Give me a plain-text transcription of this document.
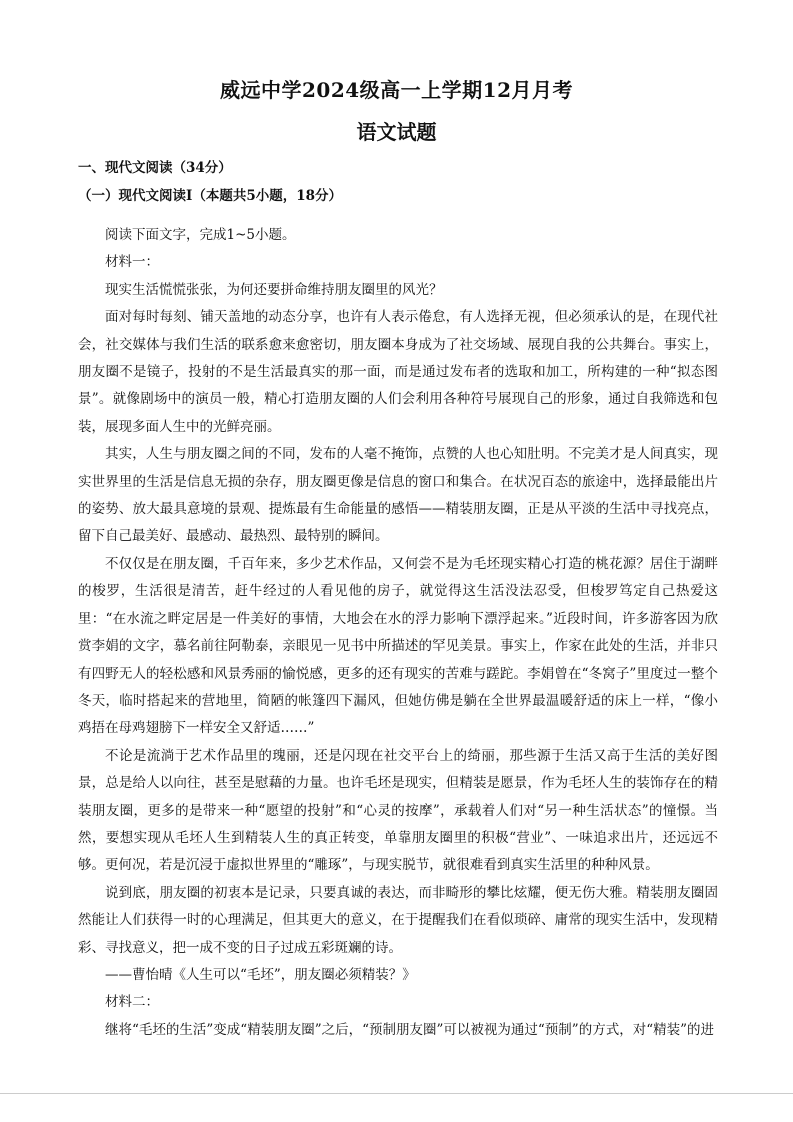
威远中学2024级高一上学期12月月考
语文试题
一、现代文阅读（34分）
（一）现代文阅读Ⅰ（本题共5小题，18分）

阅读下面文字，完成1~5小题。

材料一：

现实生活慌慌张张，为何还要拼命维持朋友圈里的风光？

面对每时每刻、铺天盖地的动态分享，也许有人表示倦怠，有人选择无视，但必须承认的是，在现代社会，社交媒体与我们生活的联系愈来愈密切，朋友圈本身成为了社交场域、展现自我的公共舞台。事实上，朋友圈不是镜子，投射的不是生活最真实的那一面，而是通过发布者的选取和加工，所构建的一种“拟态图景”。就像剧场中的演员一般，精心打造朋友圈的人们会利用各种符号展现自己的形象，通过自我筛选和包装，展现多面人生中的光鲜亮丽。

其实，人生与朋友圈之间的不同，发布的人毫不掩饰，点赞的人也心知肚明。不完美才是人间真实，现实世界里的生活是信息无损的杂存，朋友圈更像是信息的窗口和集合。在状况百态的旅途中，选择最能出片的姿势、放大最具意境的景观、提炼最有生命能量的感悟——精装朋友圈，正是从平淡的生活中寻找亮点，留下自己最美好、最感动、最热烈、最特别的瞬间。

不仅仅是在朋友圈，千百年来，多少艺术作品，又何尝不是为毛坯现实精心打造的桃花源？居住于湖畔的梭罗，生活很是清苦，赶牛经过的人看见他的房子，就觉得这生活没法忍受，但梭罗笃定自己热爱这里：“在水流之畔定居是一件美好的事情，大地会在水的浮力影响下漂浮起来。”近段时间，许多游客因为欣赏李娟的文字，慕名前往阿勒泰，亲眼见一见书中所描述的罕见美景。事实上，作家在此处的生活，并非只有四野无人的轻松感和风景秀丽的愉悦感，更多的还有现实的苦难与蹉跎。李娟曾在“冬窝子”里度过一整个冬天，临时搭起来的营地里，简陋的帐篷四下漏风，但她仿佛是躺在全世界最温暖舒适的床上一样，“像小鸡捂在母鸡翅膀下一样安全又舒适……”

不论是流淌于艺术作品里的瑰丽，还是闪现在社交平台上的绮丽，那些源于生活又高于生活的美好图景，总是给人以向往，甚至是慰藉的力量。也许毛坯是现实，但精装是愿景，作为毛坯人生的装饰存在的精装朋友圈，更多的是带来一种“愿望的投射”和“心灵的按摩”，承载着人们对“另一种生活状态”的憧憬。当然，要想实现从毛坯人生到精装人生的真正转变，单靠朋友圈里的积极“营业”、一味追求出片，还远远不够。更何况，若是沉浸于虚拟世界里的“雕琢”，与现实脱节，就很难看到真实生活里的种种风景。

说到底，朋友圈的初衷本是记录，只要真诚的表达，而非畸形的攀比炫耀，便无伤大雅。精装朋友圈固然能让人们获得一时的心理满足，但其更大的意义，在于提醒我们在看似琐碎、庸常的现实生活中，发现精彩、寻找意义，把一成不变的日子过成五彩斑斓的诗。

——曹怡晴《人生可以“毛坯”，朋友圈必须精装？》

材料二：

继将“毛坯的生活”变成“精装朋友圈”之后，“预制朋友圈”可以被视为通过“预制”的方式，对“精装”的进
